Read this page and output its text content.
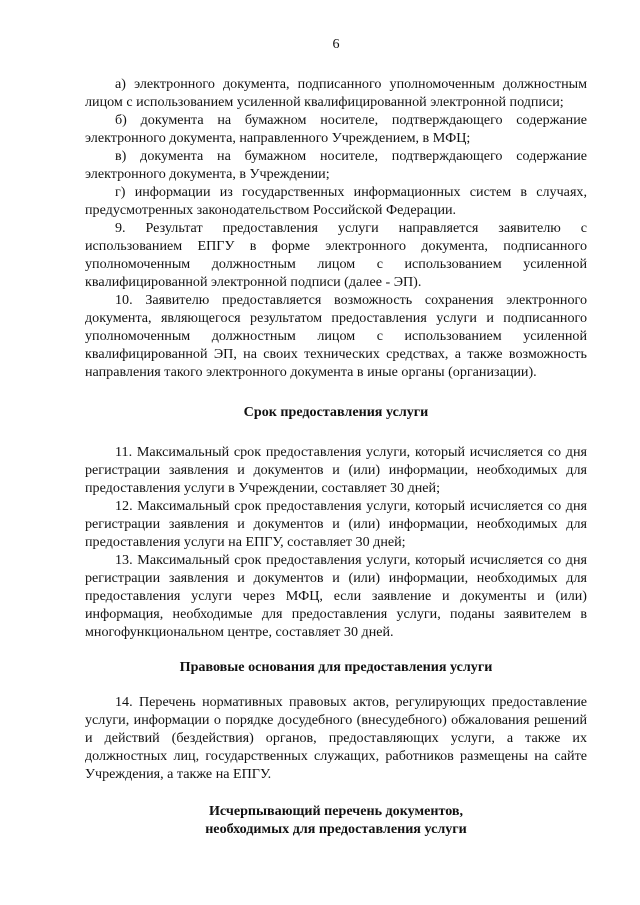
6

а) электронного документа, подписанного уполномоченным должностным лицом с использованием усиленной квалифицированной электронной подписи;

б) документа на бумажном носителе, подтверждающего содержание электронного документа, направленного Учреждением, в МФЦ;

в) документа на бумажном носителе, подтверждающего содержание электронного документа, в Учреждении;

г) информации из государственных информационных систем в случаях, предусмотренных законодательством Российской Федерации.

9. Результат предоставления услуги направляется заявителю с использованием ЕПГУ в форме электронного документа, подписанного уполномоченным должностным лицом с использованием усиленной квалифицированной электронной подписи (далее - ЭП).

10. Заявителю предоставляется возможность сохранения электронного документа, являющегося результатом предоставления услуги и подписанного уполномоченным должностным лицом с использованием усиленной квалифицированной ЭП, на своих технических средствах, а также возможность направления такого электронного документа в иные органы (организации).

Срок предоставления услуги

11. Максимальный срок предоставления услуги, который исчисляется со дня регистрации заявления и документов и (или) информации, необходимых для предоставления услуги в Учреждении, составляет 30 дней;

12. Максимальный срок предоставления услуги, который исчисляется со дня регистрации заявления и документов и (или) информации, необходимых для предоставления услуги на ЕПГУ, составляет 30 дней;

13. Максимальный срок предоставления услуги, который исчисляется со дня регистрации заявления и документов и (или) информации, необходимых для предоставления услуги через МФЦ, если заявление и документы и (или) информация, необходимые для предоставления услуги, поданы заявителем в многофункциональном центре, составляет 30 дней.

Правовые основания для предоставления услуги

14. Перечень нормативных правовых актов, регулирующих предоставление услуги, информации о порядке досудебного (внесудебного) обжалования решений и действий (бездействия) органов, предоставляющих услуги, а также их должностных лиц, государственных служащих, работников размещены на сайте Учреждения, а также на ЕПГУ.

Исчерпывающий перечень документов,
необходимых для предоставления услуги
